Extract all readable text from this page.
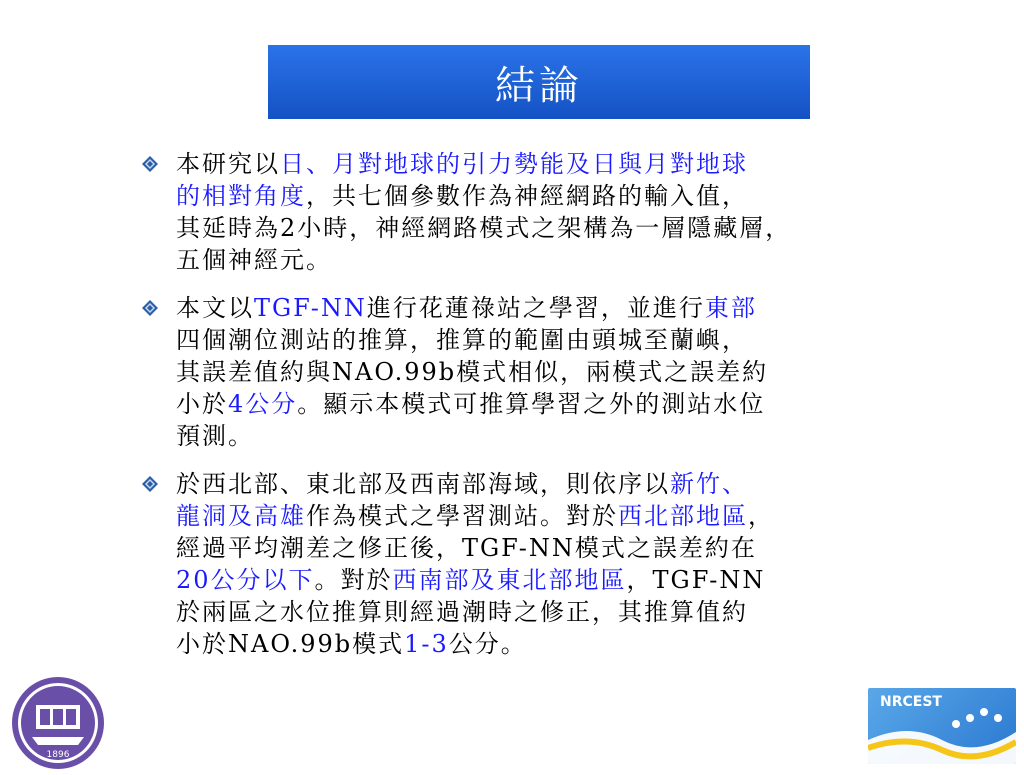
結論
本研究以日、月對地球的引力勢能及日與月對地球
的相對角度，共七個參數作為神經網路的輸入值，
其延時為2小時，神經網路模式之架構為一層隱藏層，
五個神經元。
本文以TGF-NN進行花蓮祿站之學習，並進行東部
四個潮位測站的推算，推算的範圍由頭城至蘭嶼，
其誤差值約與NAO.99b模式相似，兩模式之誤差約
小於4公分。顯示本模式可推算學習之外的測站水位
預測。
於西北部、東北部及西南部海域，則依序以新竹、
龍洞及高雄作為模式之學習測站。對於西北部地區，
經過平均潮差之修正後，TGF-NN模式之誤差約在
20公分以下。對於西南部及東北部地區，TGF-NN
於兩區之水位推算則經過潮時之修正，其推算值約
小於NAO.99b模式1-3公分。
1896
NRCEST
